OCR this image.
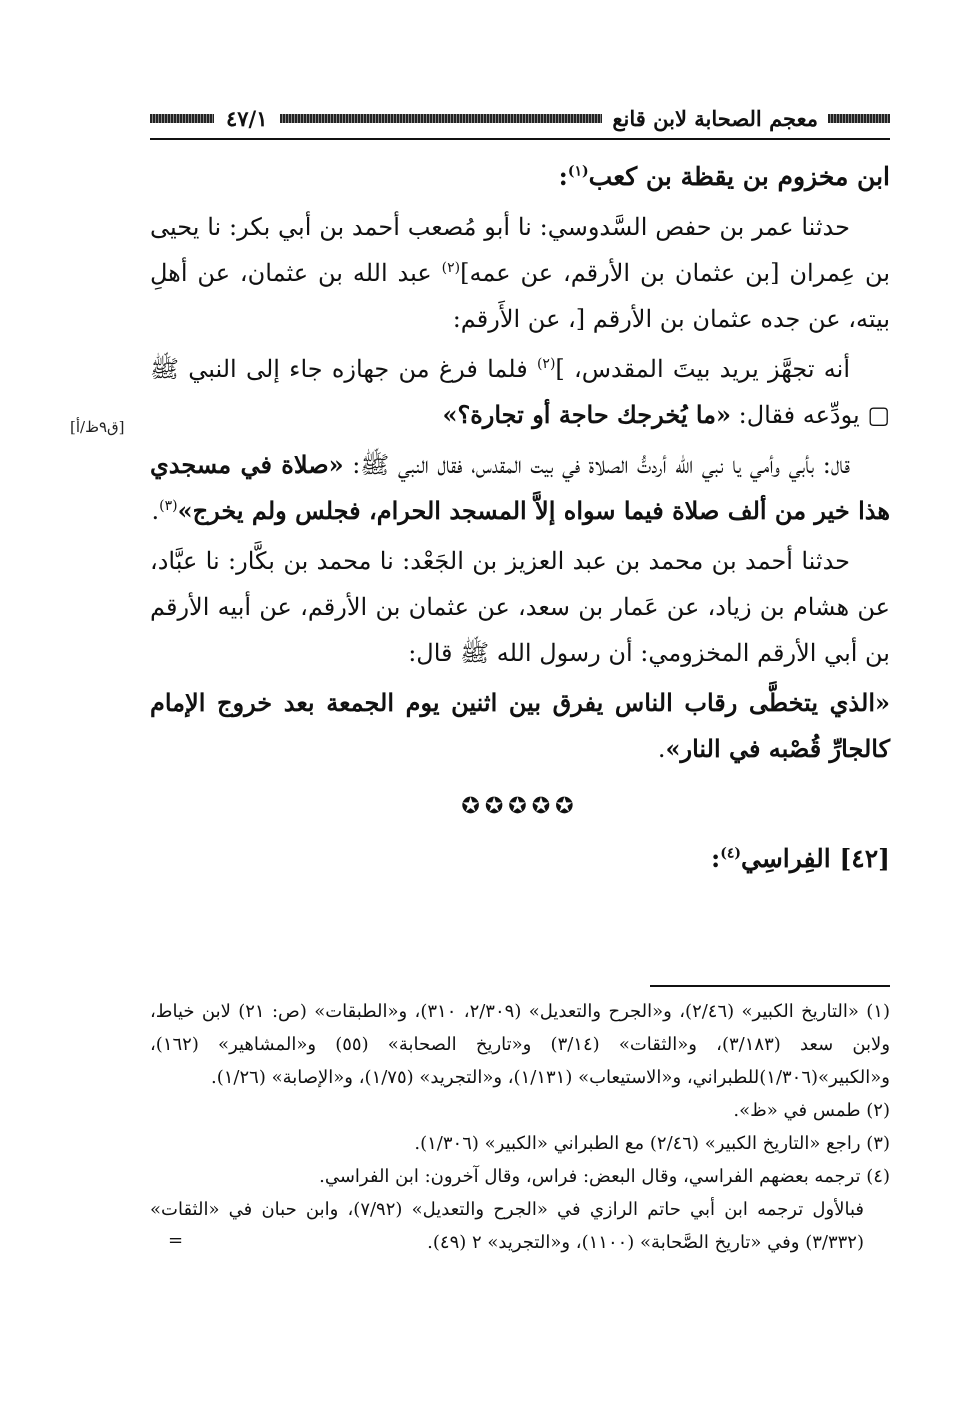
معجم الصحابة لابن قانع
٤٧/١
[ق٩ظ/أ]
ابن مخزوم بن يقظة بن كعب$^{(١)}$:

حدثنا عمر بن حفص السَّدوسي: نا أبو مُصعب أحمد بن أبي بكر: نا يحيى بن عِمران [بن عثمان بن الأرقم، عن عمه]$^{(٢)}$ عبد الله بن عثمان، عن أهلِ بيته، عن جده عثمان بن الأرقم [، عن الأَرقم:

أنه تجهَّز يريد بيتَ المقدس، ]$^{(٢)}$ فلما فرغ من جهازه جاء إلى النبي ﷺ ▢ يودِّعه فقال: «ما يُخرجك حاجة أو تجارة؟»

قال: بأبي وأمي يا نبي الله أردتُّ الصلاة في بيت المقدس، فقال النبي ﷺ: «صلاة في مسجدي هذا خير من ألف صلاة فيما سواه إلاَّ المسجد الحرام، فجلس ولم يخرج»$^{(٣)}$.

حدثنا أحمد بن محمد بن عبد العزيز بن الجَعْد: نا محمد بن بكَّار: نا عبَّاد، عن هشام بن زياد، عن عَمار بن سعد، عن عثمان بن الأرقم، عن أبيه الأرقم بن أبي الأرقم المخزومي: أن رسول الله ﷺ قال:

«الذي يتخطَّى رقاب الناس يفرق بين اثنين يوم الجمعة بعد خروج الإمام كالجارِّ قُصْبه في النار».

✪✪✪✪✪
[٤٢] الفِراسِي$^{(٤)}$:

(١) «التاريخ الكبير» (٢/٤٦)، و«الجرح والتعديل» (٢/٣٠٩، ٣١٠)، و«الطبقات» (ص: ٢١) لابن خياط، ولابن سعد (٣/١٨٣)، و«الثقات» (٣/١٤) و«تاريخ الصحابة» (٥٥) و«المشاهير» (١٦٢)، و«الكبير»(١/٣٠٦)للطبراني، و«الاستيعاب» (١/١٣١)، و«التجريد» (١/٧٥)، و«الإصابة» (١/٢٦).

(٢) طمس في «ظ».

(٣) راجع «التاريخ الكبير» (٢/٤٦) مع الطبراني «الكبير» (١/٣٠٦).

(٤) ترجمه بعضهم الفراسي، وقال البعض: فراس، وقال آخرون: ابن الفراسي.

فبالأول ترجمه ابن أبي حاتم الرازي في «الجرح والتعديل» (٧/٩٢)، وابن حبان في «الثقات» (٣/٣٣٢) وفي «تاريخ الصَّحابة» (١١٠٠)، و«التجريد» ٢ (٤٩).

=
